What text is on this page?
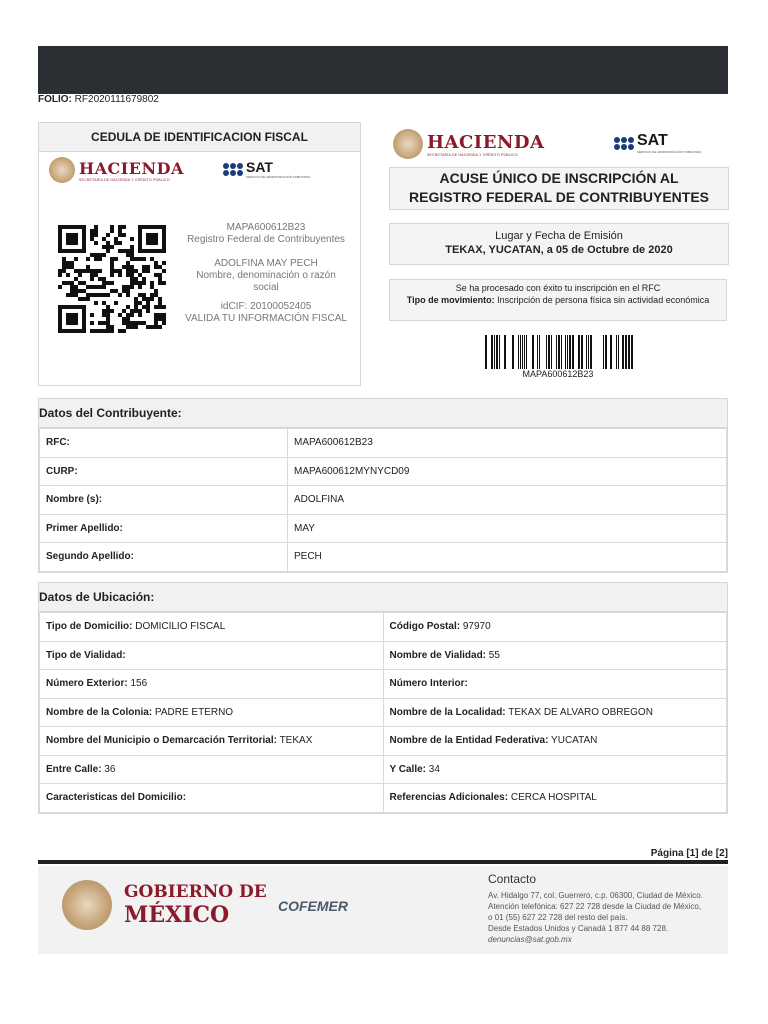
FOLIO: RF2020111679802
CEDULA DE IDENTIFICACION FISCAL
HACIENDA
SECRETARÍA DE HACIENDA Y CRÉDITO PÚBLICO
SAT
SERVICIO DE ADMINISTRACIÓN TRIBUTARIA
MAPA600612B23
Registro Federal de Contribuyentes
ADOLFINA MAY PECH
Nombre, denominación o razón social
idCIF: 20100052405
VALIDA TU INFORMACIÓN FISCAL
HACIENDA
SECRETARÍA DE HACIENDA Y CRÉDITO PÚBLICO
SAT
SERVICIO DE ADMINISTRACIÓN TRIBUTARIA
ACUSE ÚNICO DE INSCRIPCIÓN AL
REGISTRO FEDERAL DE CONTRIBUYENTES
Lugar y Fecha de Emisión
TEKAX, YUCATAN, a 05 de Octubre de 2020
Se ha procesado con éxito tu inscripción en el RFC
Tipo de movimiento: Inscripción de persona física sin actividad económica
MAPA600612B23
Datos del Contribuyente:
RFC:	MAPA600612B23
CURP:	MAPA600612MYNYCD09
Nombre (s):	ADOLFINA
Primer Apellido:	MAY
Segundo Apellido:	PECH
Datos de Ubicación:
Tipo de Domicilio: DOMICILIO FISCAL	Código Postal: 97970
Tipo de Vialidad:	Nombre de Vialidad: 55
Número Exterior: 156	Número Interior:
Nombre de la Colonia: PADRE ETERNO	Nombre de la Localidad: TEKAX DE ALVARO OBREGON
Nombre del Municipio o Demarcación Territorial: TEKAX	Nombre de la Entidad Federativa: YUCATAN
Entre Calle: 36	Y Calle: 34
Caracteristicas del Domicilio:	Referencias Adicionales: CERCA HOSPITAL
Página [1] de [2]
GOBIERNO DE
MÉXICO	COFEMER
Contacto
Av. Hidalgo 77, col. Guerrero, c.p. 06300, Ciudad de México.
Atención telefónica: 627 22 728 desde la Ciudad de México,
o 01 (55) 627 22 728 del resto del país.
Desde Estados Unidos y Canadá 1 877 44 88 728.
denuncias@sat.gob.mx
